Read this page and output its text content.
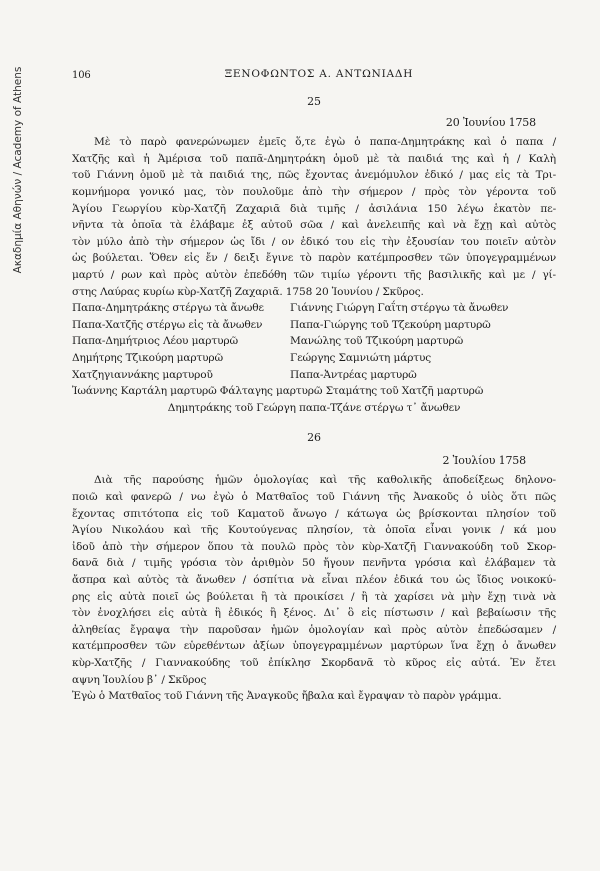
Ακαδημία Αθηνών / Academy of Athens	106	ΞΕΝΟΦΩΝΤΟΣ Α. ΑΝΤΩΝΙΑΔΗ
25
20 Ἰουνίου 1758
Μὲ τὸ παρὸ φανερώνωμεν ἐμεῖς ὅ,τε ἐγὼ ὁ παπα-Δημητράκης καὶ ὁ παπα /
Χατζῆς καὶ ἡ Ἀμέρισα τοῦ παπᾶ-Δημητράκη ὁμοῦ μὲ τὰ παιδιά της καὶ ἡ / Καλὴ
τοῦ Γιάννη ὁμοῦ μὲ τὰ παιδιά της, πῶς ἔχοντας ἀνεμόμυλον ἐδικό / μας εἰς τὰ Τρι-
κομνήμορα γονικό μας, τὸν πουλοῦμε ἀπὸ τὴν σήμερον / πρὸς τὸν γέροντα τοῦ
Ἁγίου Γεωργίου κὺρ-Χατζῆ Ζαχαριᾶ διὰ τιμῆς / ἀσιλάνια 150 λέγω ἑκατὸν πε-
νῆντα τὰ ὁποῖα τὰ ἐλάβαμε ἐξ αὐτοῦ σῶα / καὶ ἀνελειπῆς καὶ νὰ ἔχῃ καὶ αὐτὸς
τὸν μύλο ἀπὸ τὴν σήμερον ὡς ἴδι / ον ἐδικό του εἰς τὴν ἐξουσίαν του ποιεῖν αὐτὸν
ὡς βούλεται. Ὅθεν εἰς ἔν / δειξι ἔγινε τὸ παρὸν κατέμπροσθεν τῶν ὑπογεγραμμένων
μαρτύ / ρων καὶ πρὸς αὐτὸν ἐπεδόθη τῶν τιμίω γέροντι τῆς βασιλικῆς καὶ με / γί-
στης Λαύρας κυρίω κὺρ-Χατζῆ Ζαχαριᾶ. 1758 20 Ἰουνίου / Σκῦρος.
Παπα-Δημητράκης στέργω τὰ ἄνωθε	Γιάννης Γιώργη Γαΐτη στέργω τὰ ἄνωθεν
Παπα-Χατζῆς στέργω εἰς τὰ ἄνωθεν	Παπα-Γιώργης τοῦ Τζεκούρη μαρτυρῶ
Παπα-Δημήτριος Λέου μαρτυρῶ	Μανώλης τοῦ Τζικούρη μαρτυρῶ
Δημήτρης Τζικούρη μαρτυρῶ	Γεώργης Σαμνιώτη μάρτυς
Χατζηγιαννάκης μαρτυροῦ	Παπα-Ἀντρέας μαρτυρῶ
Ἰωάννης Καρτάλη μαρτυρῶ Φάλταγης μαρτυρῶ Σταμάτης τοῦ Χατζῆ μαρτυρῶ
Δημητράκης τοῦ Γεώργη παπα-Τζάνε στέργω τ᾽ ἄνωθεν
26
2 Ἰουλίου 1758
Διὰ τῆς παρούσης ἡμῶν ὁμολογίας καὶ τῆς καθολικῆς ἀποδείξεως δηλονο-
ποιῶ καὶ φανερῶ / νω ἐγὼ ὁ Ματθαῖος τοῦ Γιάννη τῆς Ἀνακοῦς ὁ υἱὸς ὅτι πῶς
ἔχοντας σπιτότοπα εἰς τοῦ Καματοῦ ἄνωγο / κάτωγα ὡς βρίσκονται πλησίον τοῦ
Ἁγίου Νικολάου καὶ τῆς Κουτούγενας πλησίον, τὰ ὁποῖα εἶναι γονικ / κά μου
ἰδοῦ ἀπὸ τὴν σήμερον ὅπου τὰ πουλῶ πρὸς τὸν κὺρ-Χατζῆ Γιαννακούδη τοῦ Σκορ-
δανᾶ διὰ / τιμῆς γρόσια τὸν ἀριθμὸν 50 ἤγουν πενῆντα γρόσια καὶ ἐλάβαμεν τὰ
ἄσπρα καὶ αὐτὸς τὰ ἄνωθεν / όσπίτια νὰ εἶναι πλέον ἐδικά του ὡς ἴδιος νοικοκύ-
ρης εἰς αὐτὰ ποιεῖ ὡς βούλεται ἢ τὰ προικίσει / ἢ τὰ χαρίσει νὰ μὴν ἔχῃ τινὰ νὰ
τὸν ἐνοχλήσει εἰς αὐτὰ ἢ ἐδικός ἢ ξένος. Δι᾽ ὃ εἰς πίστωσιν / καὶ βεβαίωσιν τῆς
ἀληθείας ἔγραψα τὴν παροῦσαν ἡμῶν ὁμολογίαν καὶ πρὸς αὐτὸν ἐπεδώσαμεν /
κατέμπροσθεν τῶν εὑρεθέντων ἀξίων ὑπογεγραμμένων μαρτύρων ἵνα ἔχῃ ὁ ἄνωθεν
κὺρ-Χατζῆς / Γιαννακούδης τοῦ ἐπίκλησ Σκορδανᾶ τὸ κῦρος εἰς αὐτά. Ἐν ἔτει
αψνη Ἰουλίου β᾽ / Σκῦρος
Ἐγὼ ὁ Ματθαῖος τοῦ Γιάννη τῆς Ἀναγκοῦς ἤβαλα καὶ ἔγραψαν τὸ παρὸν γράμμα.
